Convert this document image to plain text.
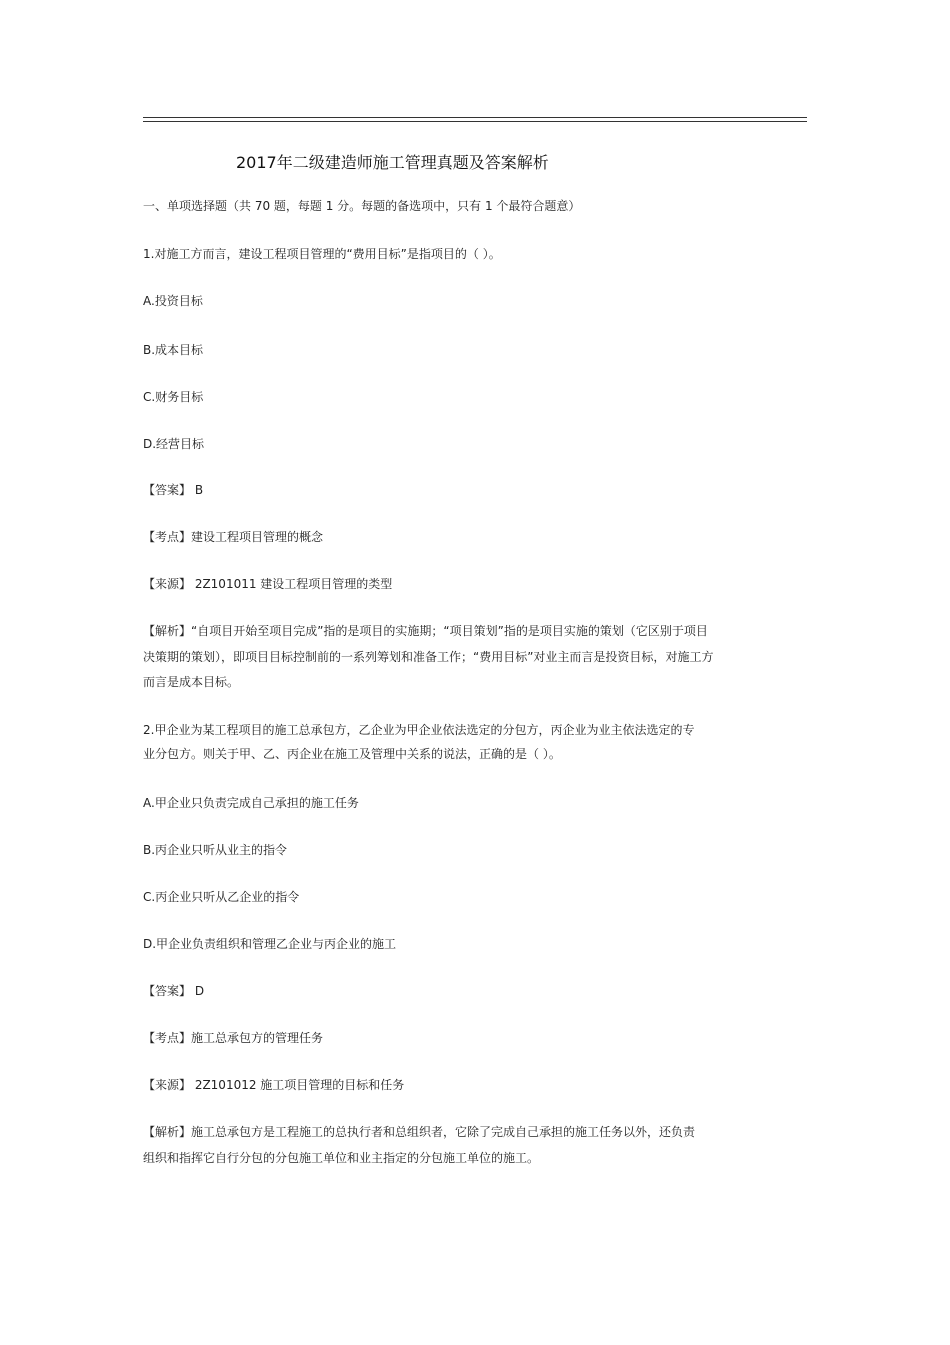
2017年二级建造师施工管理真题及答案解析
一、单项选择题（共 70 题，每题 1 分。每题的备选项中，只有 1 个最符合题意）
1.对施工方而言，建设工程项目管理的“费用目标”是指项目的（ ）。
A.投资目标
B.成本目标
C.财务目标
D.经营目标
【答案】 B
【考点】建设工程项目管理的概念
【来源】 2Z101011 建设工程项目管理的类型
【解析】“自项目开始至项目完成”指的是项目的实施期；“项目策划”指的是项目实施的策划（它区别于项目
决策期的策划），即项目目标控制前的一系列筹划和准备工作；“费用目标”对业主而言是投资目标，对施工方
而言是成本目标。
2.甲企业为某工程项目的施工总承包方，乙企业为甲企业依法选定的分包方，丙企业为业主依法选定的专
业分包方。则关于甲、乙、丙企业在施工及管理中关系的说法，正确的是（ ）。
A.甲企业只负责完成自己承担的施工任务
B.丙企业只听从业主的指令
C.丙企业只听从乙企业的指令
D.甲企业负责组织和管理乙企业与丙企业的施工
【答案】 D
【考点】施工总承包方的管理任务
【来源】 2Z101012 施工项目管理的目标和任务
【解析】施工总承包方是工程施工的总执行者和总组织者，它除了完成自己承担的施工任务以外，还负责
组织和指挥它自行分包的分包施工单位和业主指定的分包施工单位的施工。
